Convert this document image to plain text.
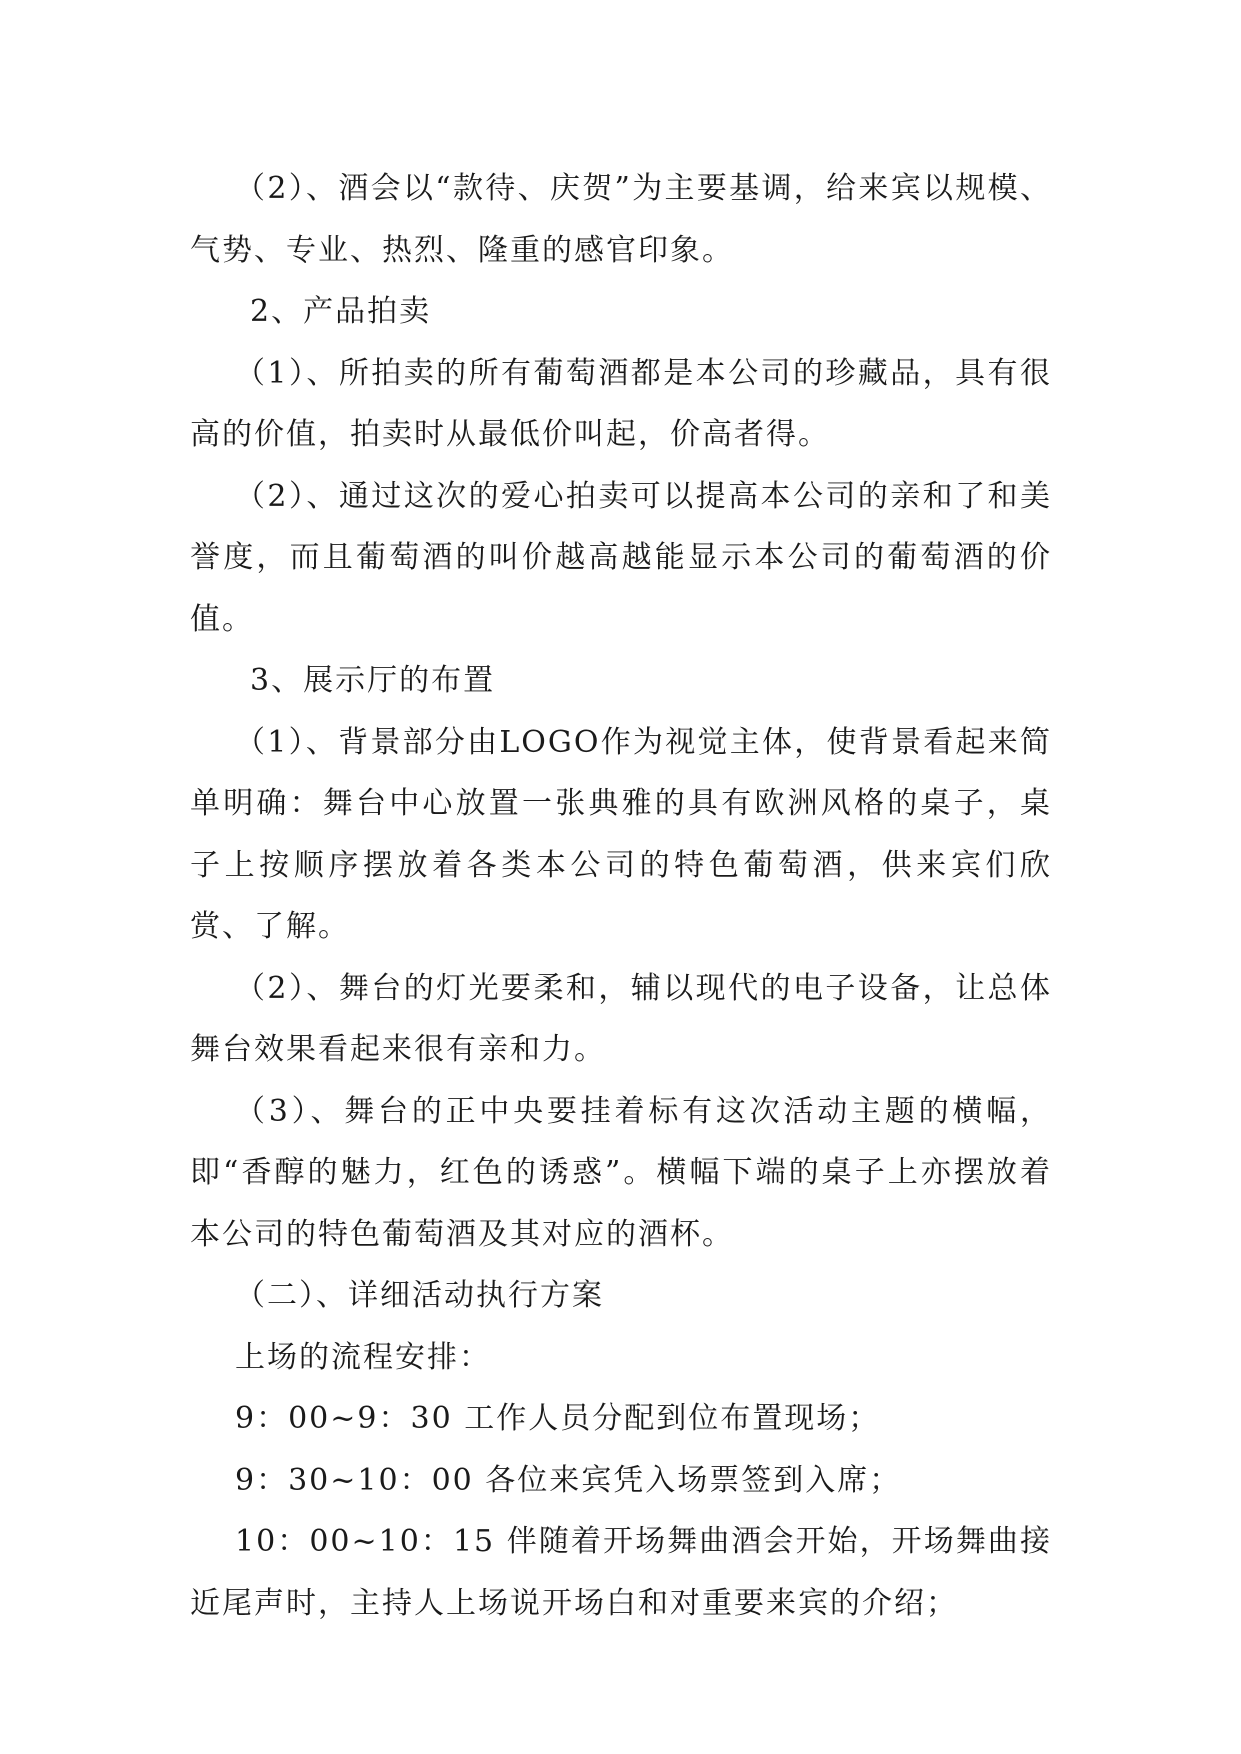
（2）、酒会以“款待、庆贺”为主要基调，给来宾以规模、气势、专业、热烈、隆重的感官印象。

2、产品拍卖

（1）、所拍卖的所有葡萄酒都是本公司的珍藏品，具有很高的价值，拍卖时从最低价叫起，价高者得。

（2）、通过这次的爱心拍卖可以提高本公司的亲和了和美誉度，而且葡萄酒的叫价越高越能显示本公司的葡萄酒的价值。

3、展示厅的布置

（1）、背景部分由LOGO作为视觉主体，使背景看起来简单明确：舞台中心放置一张典雅的具有欧洲风格的桌子，桌子上按顺序摆放着各类本公司的特色葡萄酒，供来宾们欣赏、了解。

（2）、舞台的灯光要柔和，辅以现代的电子设备，让总体舞台效果看起来很有亲和力。

（3）、舞台的正中央要挂着标有这次活动主题的横幅，即“香醇的魅力，红色的诱惑”。横幅下端的桌子上亦摆放着本公司的特色葡萄酒及其对应的酒杯。

（二）、详细活动执行方案

上场的流程安排：

9：00~9：30 工作人员分配到位布置现场；

9：30~10：00 各位来宾凭入场票签到入席；

10：00~10：15 伴随着开场舞曲酒会开始，开场舞曲接近尾声时，主持人上场说开场白和对重要来宾的介绍；
